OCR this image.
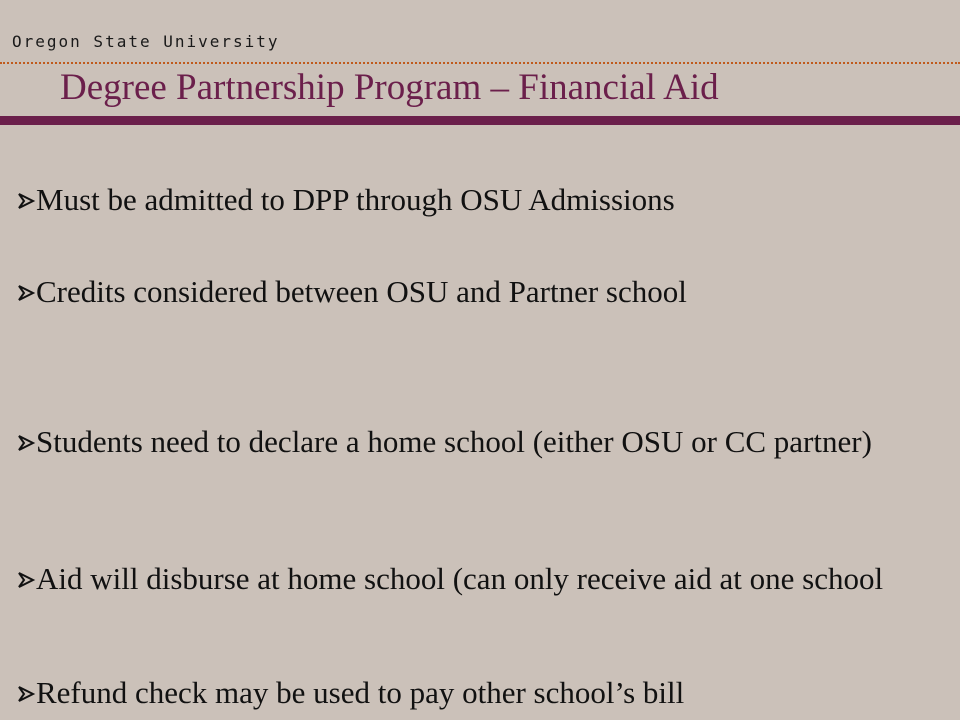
Oregon State University
Degree Partnership Program – Financial Aid
Must be admitted to DPP through OSU Admissions
Credits considered between OSU and Partner school
Students need to declare a home school (either OSU or CC partner)
Aid will disburse at home school (can only receive aid at one school
Refund check may be used to pay other school’s bill
